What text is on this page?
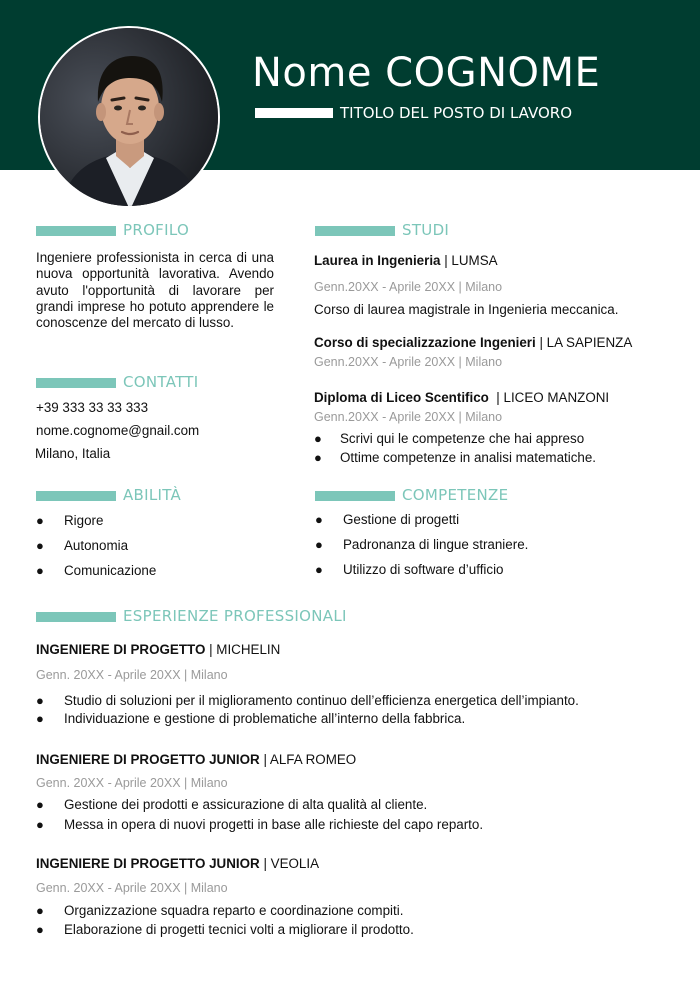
Nome COGNOME
TITOLO DEL POSTO DI LAVORO
PROFILO
Ingeniere professionista in cerca di una nuova opportunità lavorativa. Avendo avuto l'opportunità di lavorare per grandi imprese ho potuto apprendere le conoscenze del mercato di lusso.
CONTATTI
+39 333 33 33 333
nome.cognome@gnail.com
Milano, Italia
ABILITÀ
● Rigore
● Autonomia
● Comunicazione
STUDI
Laurea in Ingenieria | LUMSA
Genn.20XX - Aprile 20XX | Milano
Corso di laurea magistrale in Ingenieria meccanica.
Corso di specializzazione Ingenieri | LA SAPIENZA
Genn.20XX - Aprile 20XX | Milano
Diploma di Liceo Scentifico  | LICEO MANZONI
Genn.20XX - Aprile 20XX | Milano
● Scrivi qui le competenze che hai appreso
● Ottime competenze in analisi matematiche.
COMPETENZE
● Gestione di progetti
● Padronanza di lingue straniere.
● Utilizzo di software d’ufficio
ESPERIENZE PROFESSIONALI
INGENIERE DI PROGETTO | MICHELIN
Genn. 20XX - Aprile 20XX | Milano
● Studio di soluzioni per il miglioramento continuo dell’efficienza energetica dell’impianto.
● Individuazione e gestione di problematiche all’interno della fabbrica.
INGENIERE DI PROGETTO JUNIOR | ALFA ROMEO
Genn. 20XX - Aprile 20XX | Milano
● Gestione dei prodotti e assicurazione di alta qualità al cliente.
● Messa in opera di nuovi progetti in base alle richieste del capo reparto.
INGENIERE DI PROGETTO JUNIOR | VEOLIA
Genn. 20XX - Aprile 20XX | Milano
● Organizzazione squadra reparto e coordinazione compiti.
● Elaborazione di progetti tecnici volti a migliorare il prodotto.
